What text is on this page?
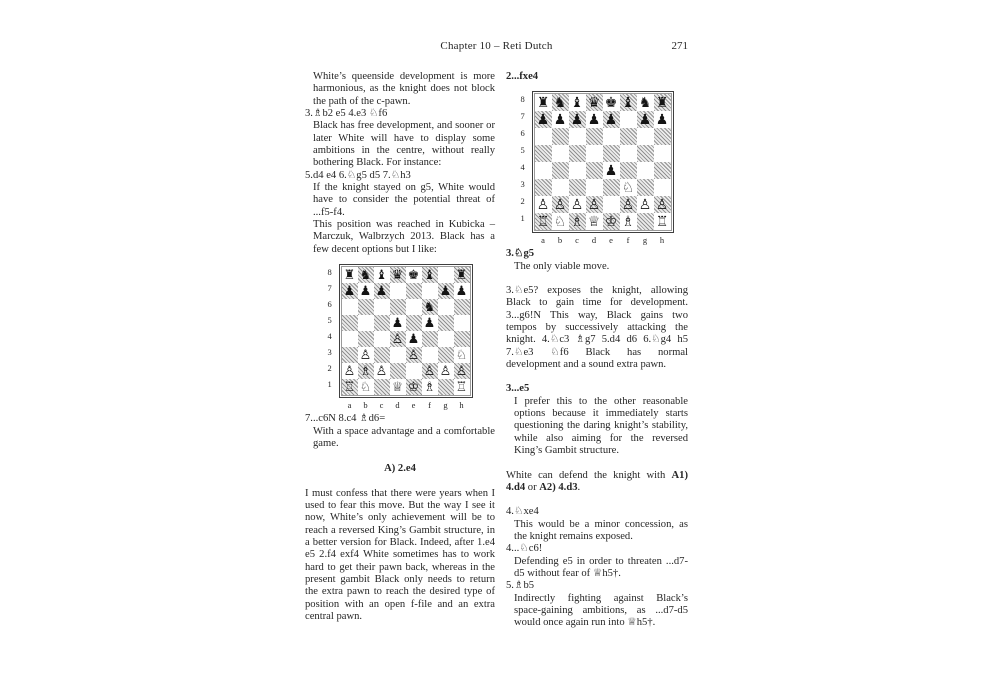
Chapter 10 – Reti Dutch	271
White’s queenside development is more harmonious, as the knight does not block the path of the c-pawn.
3.♗b2 e5 4.e3 ♘f6
Black has free development, and sooner or later White will have to display some ambitions in the centre, without really bothering Black. For instance:
5.d4 e4 6.♘g5 d5 7.♘h3
If the knight stayed on g5, White would have to consider the potential threat of ...f5-f4.
This position was reached in Kubicka – Marczuk, Walbrzych 2013. Black has a few decent options but I like:
8
7
6
5
4
3
2
1
♜ ♞ ♝ ♛ ♚ ♝ ♜
♟ ♟ ♟	♟ ♟
♞
♟ ♟
♙ ♟
♙	♙	♘
♙ ♗ ♙	♙ ♙ ♙
♖ ♘ ♕ ♔ ♗ ♖
a	b	c	d	e	f	g	h
7...c6N 8.c4 ♗d6=
With a space advantage and a comfortable game.
A) 2.e4
I must confess that there were years when I used to fear this move. But the way I see it now, White’s only achievement will be to reach a reversed King’s Gambit structure, in a better version for Black. Indeed, after 1.e4 e5 2.f4 exf4 White sometimes has to work hard to get their pawn back, whereas in the present gambit Black only needs to return the extra pawn to reach the desired type of position with an open f-file and an extra central pawn.
2...fxe4
8
7
6
5
4
3
2
1
♜ ♞ ♝ ♛ ♚ ♝ ♞ ♜
♟ ♟ ♟ ♟ ♟ ♟ ♟
♟
♘
♙ ♙ ♙ ♙ ♙ ♙ ♙
♖ ♘ ♗ ♕ ♔ ♗ ♖
a	b	c	d	e	f	g	h
3.♘g5
The only viable move.
3.♘e5? exposes the knight, allowing Black to gain time for development. 3...g6!N This way, Black gains two tempos by successively attacking the knight. 4.♘c3 ♗g7 5.d4 d6 6.♘g4 h5 7.♘e3 ♘f6 Black has normal development and a sound extra pawn.
3...e5
I prefer this to the other reasonable options because it immediately starts questioning the daring knight’s stability, while also aiming for the reversed King’s Gambit structure.
White can defend the knight with A1) 4.d4 or A2) 4.d3.
4.♘xe4
This would be a minor concession, as the knight remains exposed.
4...♘c6!
Defending e5 in order to threaten ...d7-d5 without fear of ♕h5†.
5.♗b5
Indirectly fighting against Black’s space-gaining ambitions, as ...d7-d5 would once again run into ♕h5†.
